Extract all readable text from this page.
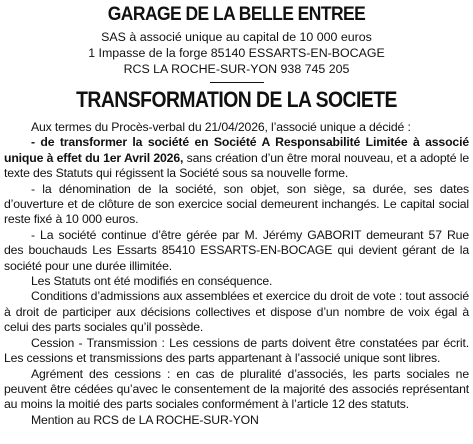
GARAGE DE LA BELLE ENTREE
SAS à associé unique au capital de 10 000 euros
1 Impasse de la forge 85140 ESSARTS-EN-BOCAGE
RCS LA ROCHE-SUR-YON 938 745 205
TRANSFORMATION DE LA SOCIETE

Aux termes du Procès-verbal du 21/04/2026, l’associé unique a décidé :

- de transformer la société en Société A Responsabilité Limitée à associé unique à effet du 1er Avril 2026, sans création d’un être moral nouveau, et a adopté le texte des Statuts qui régissent la Société sous sa nouvelle forme.

- la dénomination de la société, son objet, son siège, sa durée, ses dates d’ouverture et de clôture de son exercice social demeurent inchangés. Le capital social reste fixé à 10 000 euros.

- La société continue d’être gérée par M. Jérémy GABORIT demeurant 57 Rue des bouchauds Les Essarts 85410 ESSARTS-EN-BOCAGE qui devient gérant de la société pour une durée illimitée.

Les Statuts ont été modifiés en conséquence.

Conditions d’admissions aux assemblées et exercice du droit de vote : tout associé à droit de participer aux décisions collectives et dispose d’un nombre de voix égal à celui des parts sociales qu’il possède.

Cession - Transmission : Les cessions de parts doivent être constatées par écrit. Les cessions et transmissions des parts appartenant à l’associé unique sont libres.

Agrément des cessions : en cas de pluralité d’associés, les parts sociales ne peuvent être cédées qu’avec le consentement de la majorité des associés représentant au moins la moitié des parts sociales conformément à l’article 12 des statuts.

Mention au RCS de LA ROCHE-SUR-YON
